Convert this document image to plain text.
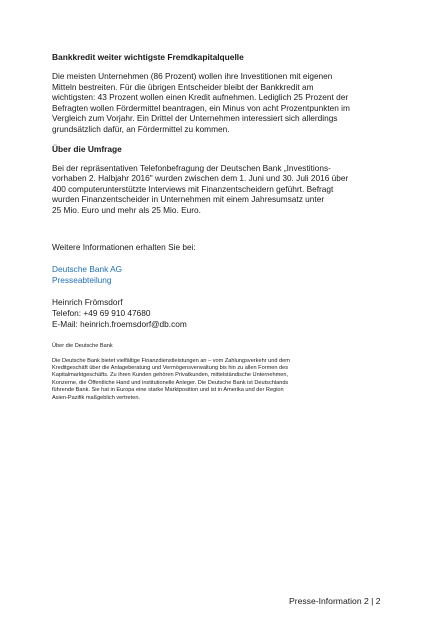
Bankkredit weiter wichtigste Fremdkapitalquelle
Die meisten Unternehmen (86 Prozent) wollen ihre Investitionen mit eigenen
Mitteln bestreiten. Für die übrigen Entscheider bleibt der Bankkredit am
wichtigsten: 43 Prozent wollen einen Kredit aufnehmen. Lediglich 25 Prozent der
Befragten wollen Fördermittel beantragen, ein Minus von acht Prozentpunkten im
Vergleich zum Vorjahr. Ein Drittel der Unternehmen interessiert sich allerdings
grundsätzlich dafür, an Fördermittel zu kommen.
Über die Umfrage
Bei der repräsentativen Telefonbefragung der Deutschen Bank „Investitions-
vorhaben 2. Halbjahr 2016" wurden zwischen dem 1. Juni und 30. Juli 2016 über
400 computerunterstützte Interviews mit Finanzentscheidern geführt. Befragt
wurden Finanzentscheider in Unternehmen mit einem Jahresumsatz unter
25 Mio. Euro und mehr als 25 Mio. Euro.
Weitere Informationen erhalten Sie bei:
Deutsche Bank AG
Presseabteilung
Heinrich Frömsdorf
Telefon: +49 69 910 47680
E-Mail: heinrich.froemsdorf@db.com
Über die Deutsche Bank
Die Deutsche Bank bietet vielfältige Finanzdienstleistungen an – vom Zahlungsverkehr und dem
Kreditgeschäft über die Anlageberatung und Vermögensverwaltung bis hin zu allen Formen des
Kapitalmarktgeschäfts. Zu ihren Kunden gehören Privatkunden, mittelständische Unternehmen,
Konzerne, die Öffentliche Hand und institutionelle Anleger. Die Deutsche Bank ist Deutschlands
führende Bank. Sie hat in Europa eine starke Marktposition und ist in Amerika und der Region
Asien-Pazifik maßgeblich vertreten.
Presse-Information 2 | 2
